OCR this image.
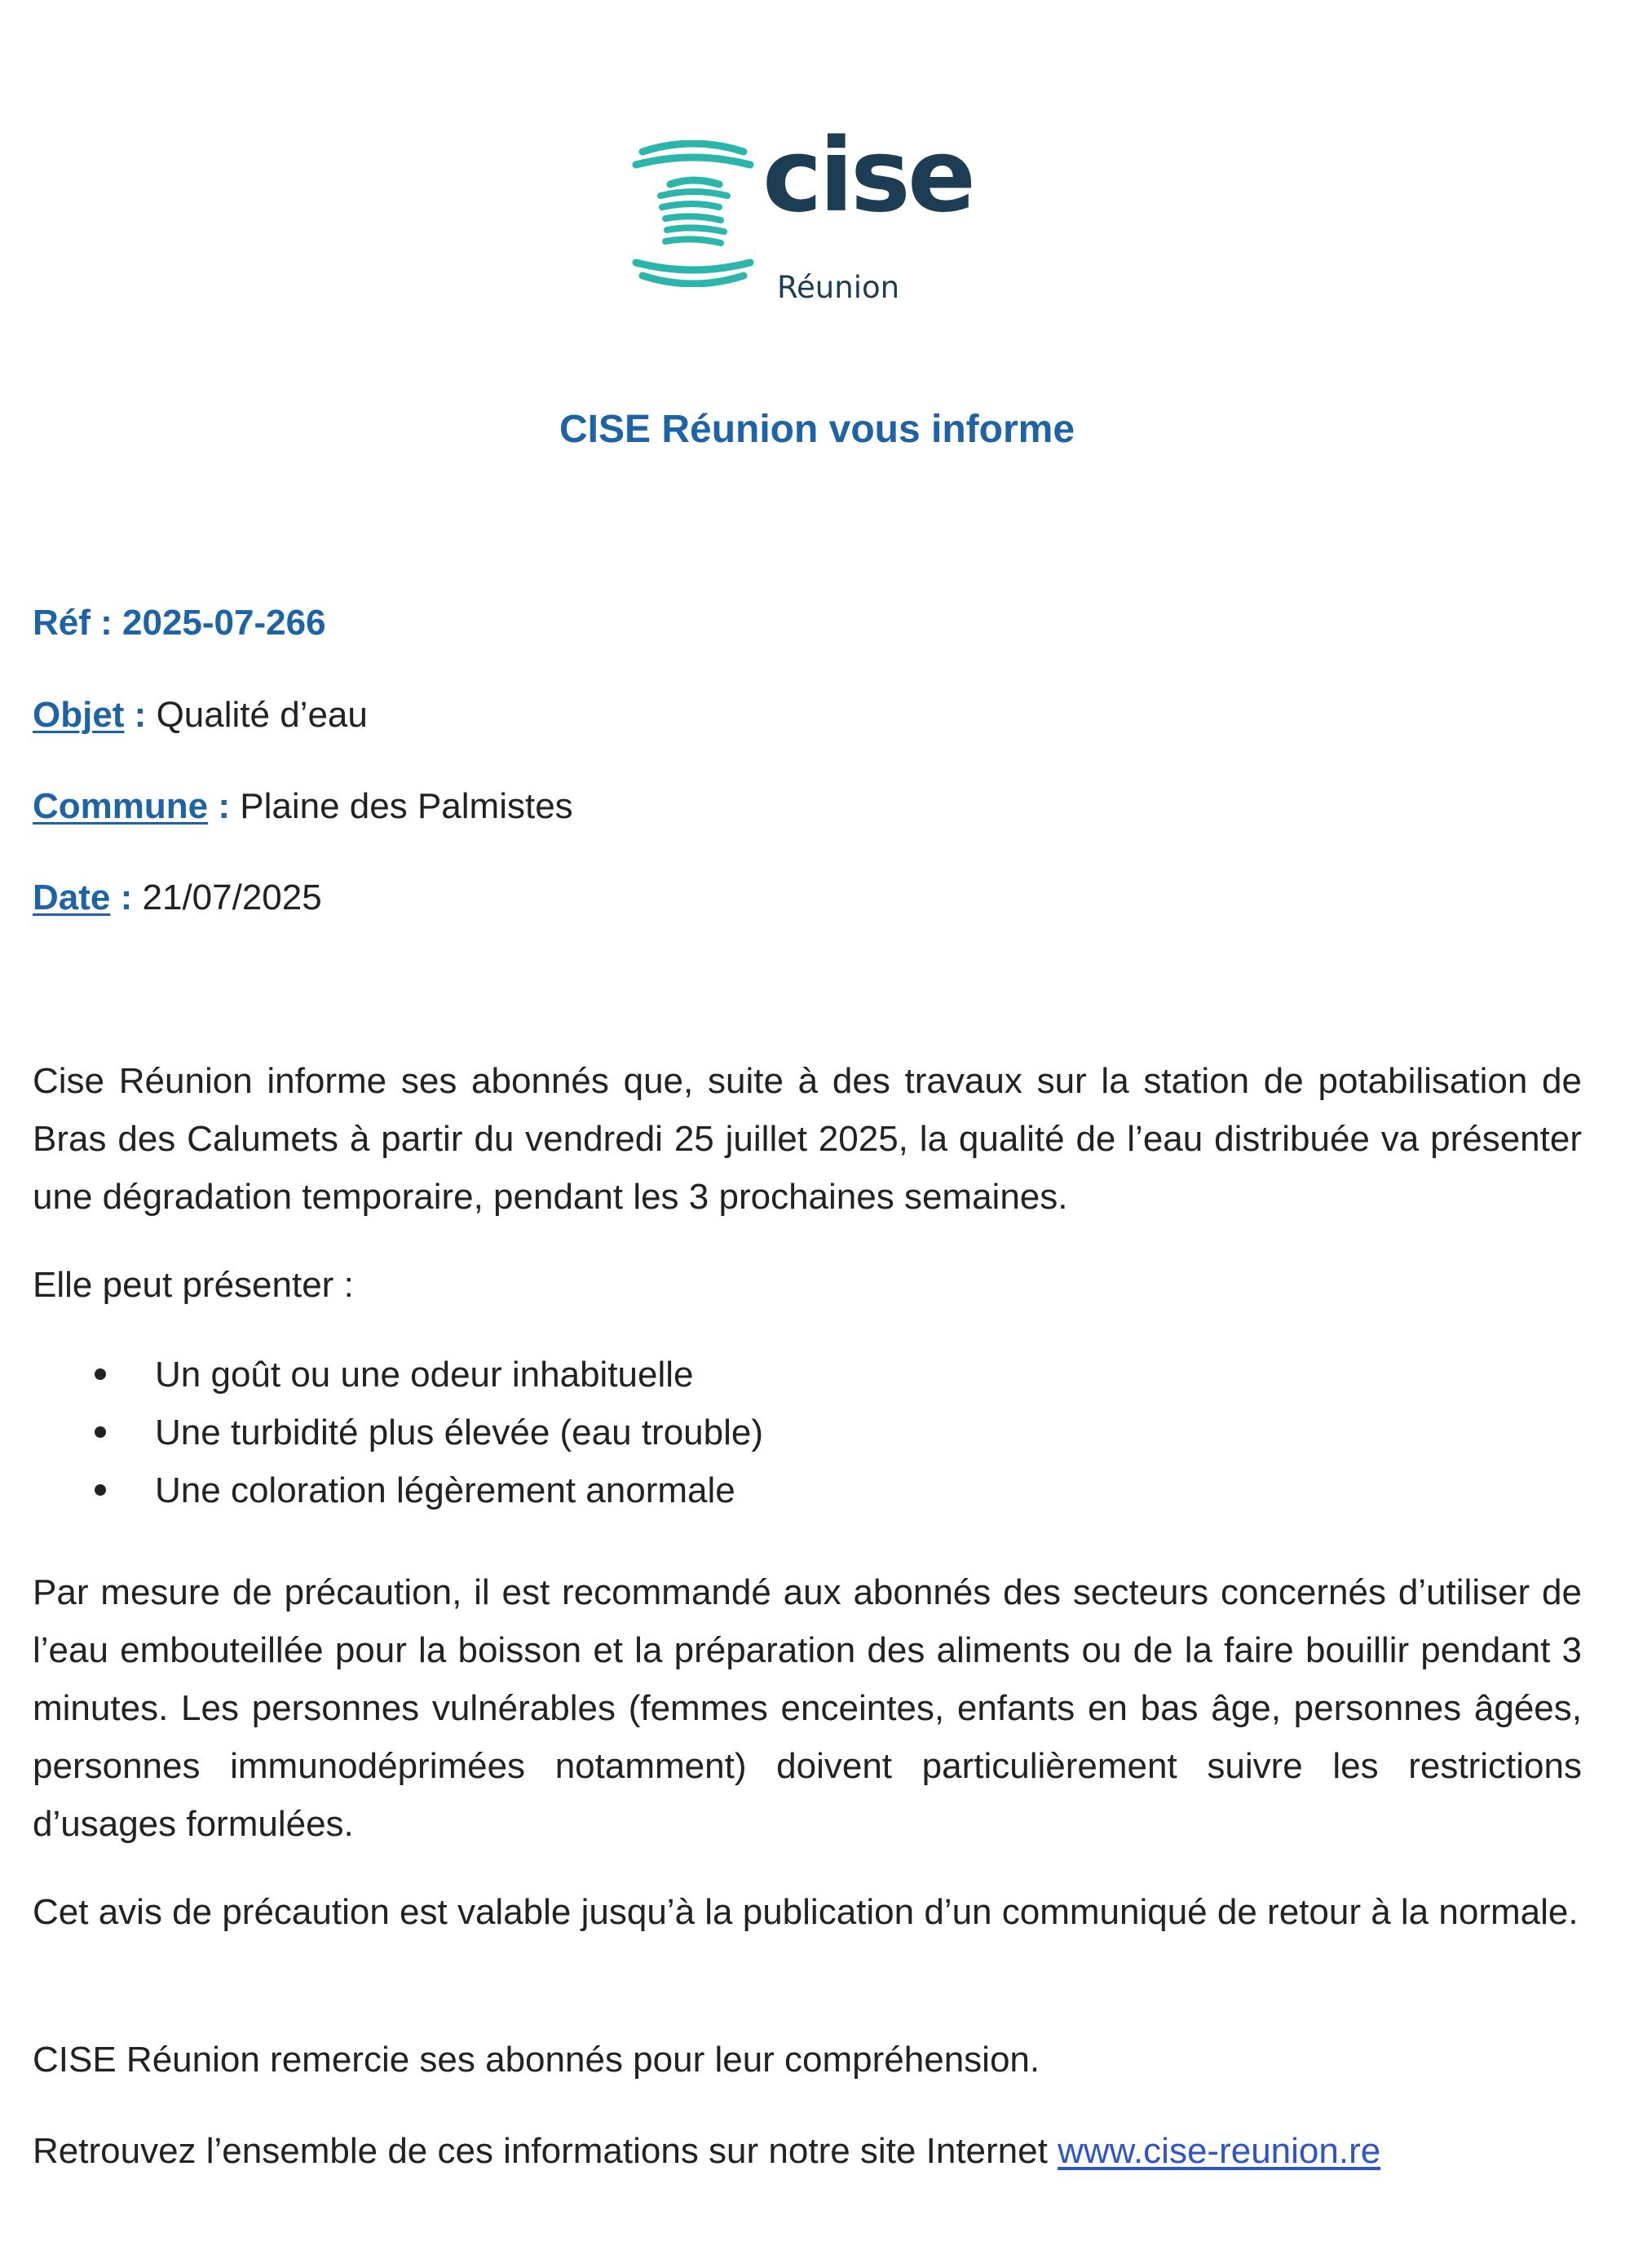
cise
Réunion
CISE Réunion vous informe
Réf : 2025-07-266
Objet : Qualité d’eau
Commune : Plaine des Palmistes
Date : 21/07/2025
Cise Réunion informe ses abonnés que, suite à des travaux sur la station de potabilisation de Bras des Calumets à partir du vendredi 25 juillet 2025, la qualité de l’eau distribuée va présenter une dégradation temporaire, pendant les 3 prochaines semaines.
Elle peut présenter :
Un goût ou une odeur inhabituelle
Une turbidité plus élevée (eau trouble)
Une coloration légèrement anormale
Par mesure de précaution, il est recommandé aux abonnés des secteurs concernés d’utiliser de l’eau embouteillée pour la boisson et la préparation des aliments ou de la faire bouillir pendant 3 minutes. Les personnes vulnérables (femmes enceintes, enfants en bas âge, personnes âgées, personnes immunodéprimées notamment) doivent particulièrement suivre les restrictions d’usages formulées.
Cet avis de précaution est valable jusqu’à la publication d’un communiqué de retour à la normale.
CISE Réunion remercie ses abonnés pour leur compréhension.
Retrouvez l’ensemble de ces informations sur notre site Internet www.cise-reunion.re
